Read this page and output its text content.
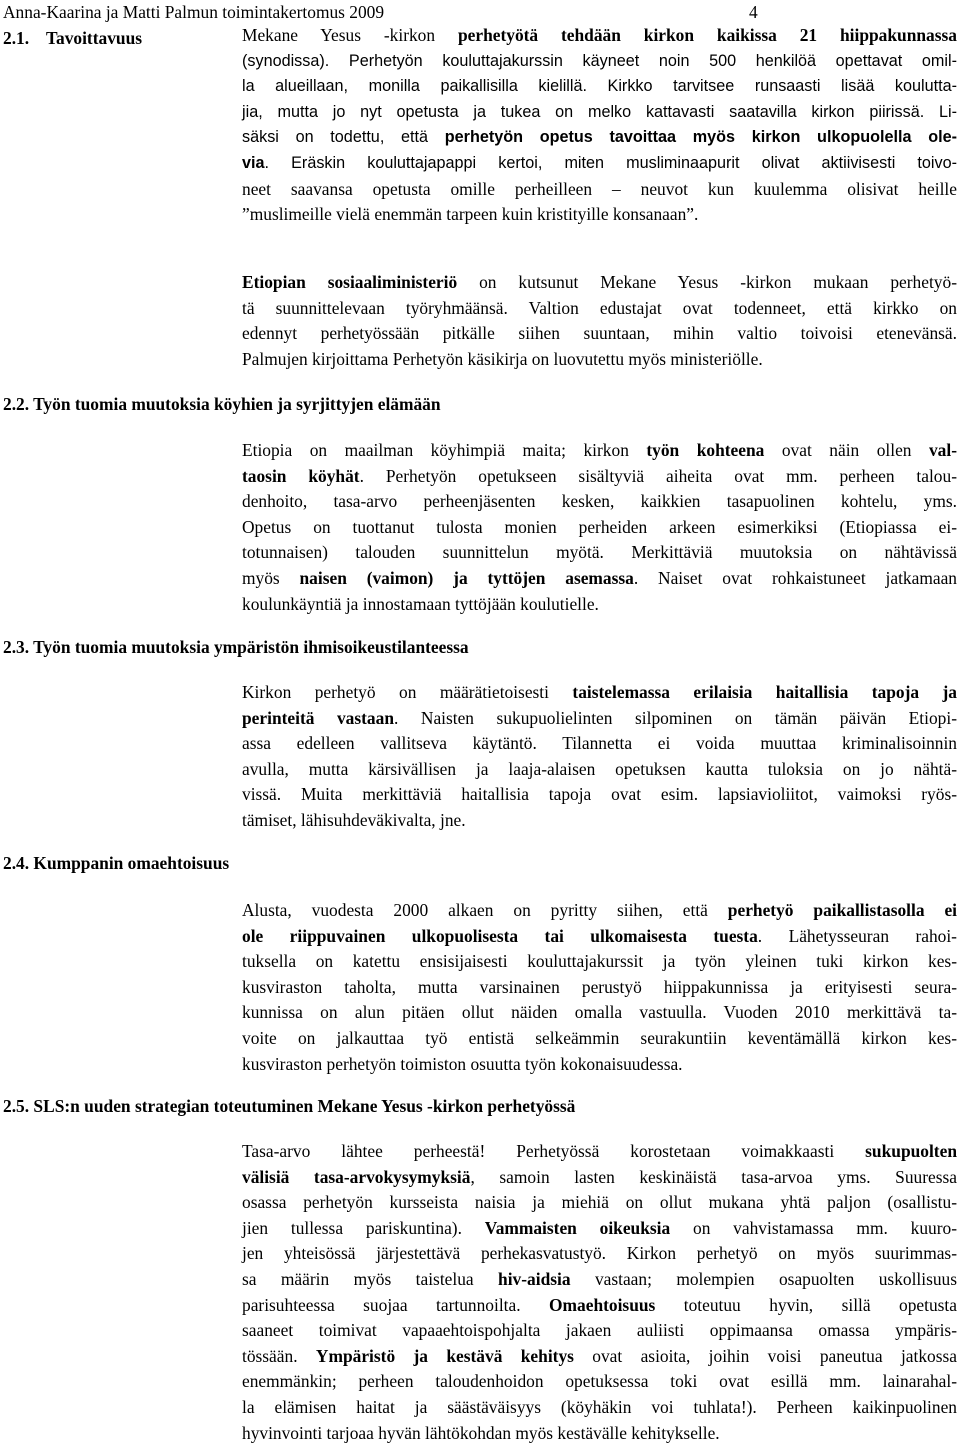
Anna-Kaarina ja Matti Palmun toimintakertomus 2009	4
2.1. Tavoittavuus	Mekane Yesus -kirkon perhetyötä tehdään kirkon kaikissa 21 hiippakunnassa
(synodissa). Perhetyön kouluttajakurssin käyneet noin 500 henkilöä opettavat omil-
la alueillaan, monilla paikallisilla kielillä. Kirkko tarvitsee runsaasti lisää koulutta-
jia, mutta jo nyt opetusta ja tukea on melko kattavasti saatavilla kirkon piirissä. Li-
säksi on todettu, että perhetyön opetus tavoittaa myös kirkon ulkopuolella ole-
via. Eräskin kouluttajapappi kertoi, miten musliminaapurit olivat aktiivisesti toivo-
neet saavansa opetusta omille perheilleen – neuvot kun kuulemma olisivat heille
”muslimeille vielä enemmän tarpeen kuin kristityille konsanaan”.
Etiopian sosiaaliministeriö on kutsunut Mekane Yesus -kirkon mukaan perhetyö-
tä suunnittelevaan työryhmäänsä. Valtion edustajat ovat todenneet, että kirkko on
edennyt perhetyössään pitkälle siihen suuntaan, mihin valtio toivoisi etenevänsä.
Palmujen kirjoittama Perhetyön käsikirja on luovutettu myös ministeriölle.
2.2. Työn tuomia muutoksia köyhien ja syrjittyjen elämään
Etiopia on maailman köyhimpiä maita; kirkon työn kohteena ovat näin ollen val-
taosin köyhät. Perhetyön opetukseen sisältyviä aiheita ovat mm. perheen talou-
denhoito, tasa-arvo perheenjäsenten kesken, kaikkien tasapuolinen kohtelu, yms.
Opetus on tuottanut tulosta monien perheiden arkeen esimerkiksi (Etiopiassa ei-
totunnaisen) talouden suunnittelun myötä. Merkittäviä muutoksia on nähtävissä
myös naisen (vaimon) ja tyttöjen asemassa. Naiset ovat rohkaistuneet jatkamaan
koulunkäyntiä ja innostamaan tyttöjään koulutielle.
2.3. Työn tuomia muutoksia ympäristön ihmisoikeustilanteessa
Kirkon perhetyö on määrätietoisesti taistelemassa erilaisia haitallisia tapoja ja
perinteitä vastaan. Naisten sukupuolielinten silpominen on tämän päivän Etiopi-
assa edelleen vallitseva käytäntö. Tilannetta ei voida muuttaa kriminalisoinnin
avulla, mutta kärsivällisen ja laaja-alaisen opetuksen kautta tuloksia on jo nähtä-
vissä. Muita merkittäviä haitallisia tapoja ovat esim. lapsiavioliitot, vaimoksi ryös-
tämiset, lähisuhdeväkivalta, jne.
2.4. Kumppanin omaehtoisuus
Alusta, vuodesta 2000 alkaen on pyritty siihen, että perhetyö paikallistasolla ei
ole riippuvainen ulkopuolisesta tai ulkomaisesta tuesta. Lähetysseuran rahoi-
tuksella on katettu ensisijaisesti kouluttajakurssit ja työn yleinen tuki kirkon kes-
kusviraston taholta, mutta varsinainen perustyö hiippakunnissa ja erityisesti seura-
kunnissa on alun pitäen ollut näiden omalla vastuulla. Vuoden 2010 merkittävä ta-
voite on jalkauttaa työ entistä selkeämmin seurakuntiin keventämällä kirkon kes-
kusviraston perhetyön toimiston osuutta työn kokonaisuudessa.
2.5. SLS:n uuden strategian toteutuminen Mekane Yesus -kirkon perhetyössä
Tasa-arvo lähtee perheestä! Perhetyössä korostetaan voimakkaasti sukupuolten
välisiä tasa-arvokysymyksiä, samoin lasten keskinäistä tasa-arvoa yms. Suuressa
osassa perhetyön kursseista naisia ja miehiä on ollut mukana yhtä paljon (osallistu-
jien tullessa pariskuntina). Vammaisten oikeuksia on vahvistamassa mm. kuuro-
jen yhteisössä järjestettävä perhekasvatustyö. Kirkon perhetyö on myös suurimmas-
sa määrin myös taistelua hiv-aidsia vastaan; molempien osapuolten uskollisuus
parisuhteessa suojaa tartunnoilta. Omaehtoisuus toteutuu hyvin, sillä opetusta
saaneet toimivat vapaaehtoispohjalta jakaen auliisti oppimaansa omassa ympäris-
tössään. Ympäristö ja kestävä kehitys ovat asioita, joihin voisi paneutua jatkossa
enemmänkin; perheen taloudenhoidon opetuksessa toki ovat esillä mm. lainarahal-
la elämisen haitat ja säästäväisyys (köyhäkin voi tuhlata!). Perheen kaikinpuolinen
hyvinvointi tarjoaa hyvän lähtökohdan myös kestävälle kehitykselle.
